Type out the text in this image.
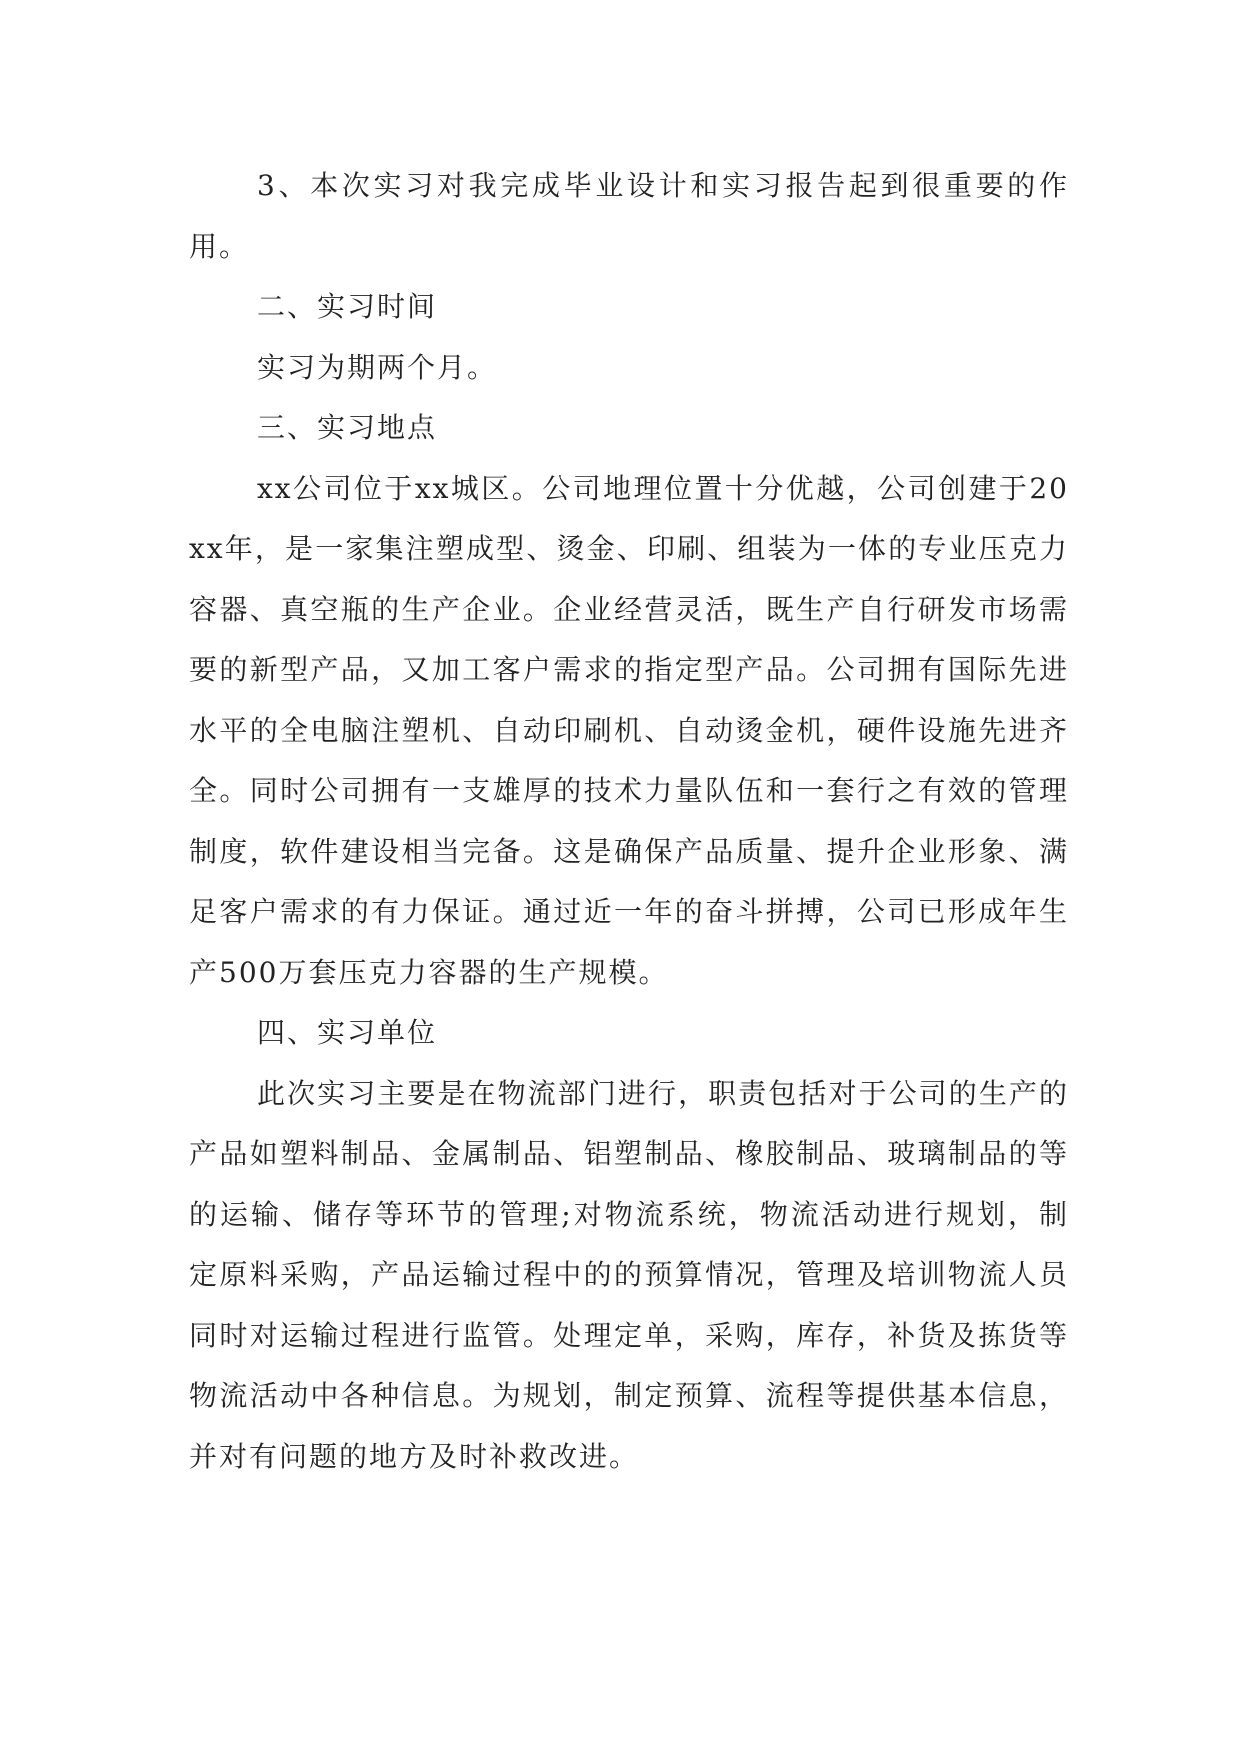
3、本次实习对我完成毕业设计和实习报告起到很重要的作用。

二、实习时间

实习为期两个月。

三、实习地点

xx公司位于xx城区。公司地理位置十分优越，公司创建于20xx年，是一家集注塑成型、烫金、印刷、组装为一体的专业压克力容器、真空瓶的生产企业。企业经营灵活，既生产自行研发市场需要的新型产品，又加工客户需求的指定型产品。公司拥有国际先进水平的全电脑注塑机、自动印刷机、自动烫金机，硬件设施先进齐全。同时公司拥有一支雄厚的技术力量队伍和一套行之有效的管理制度，软件建设相当完备。这是确保产品质量、提升企业形象、满足客户需求的有力保证。通过近一年的奋斗拼搏，公司已形成年生产500万套压克力容器的生产规模。

四、实习单位

此次实习主要是在物流部门进行，职责包括对于公司的生产的产品如塑料制品、金属制品、铝塑制品、橡胶制品、玻璃制品的等的运输、储存等环节的管理;对物流系统，物流活动进行规划，制定原料采购，产品运输过程中的的预算情况，管理及培训物流人员同时对运输过程进行监管。处理定单，采购，库存，补货及拣货等物流活动中各种信息。为规划，制定预算、流程等提供基本信息，并对有问题的地方及时补救改进。
